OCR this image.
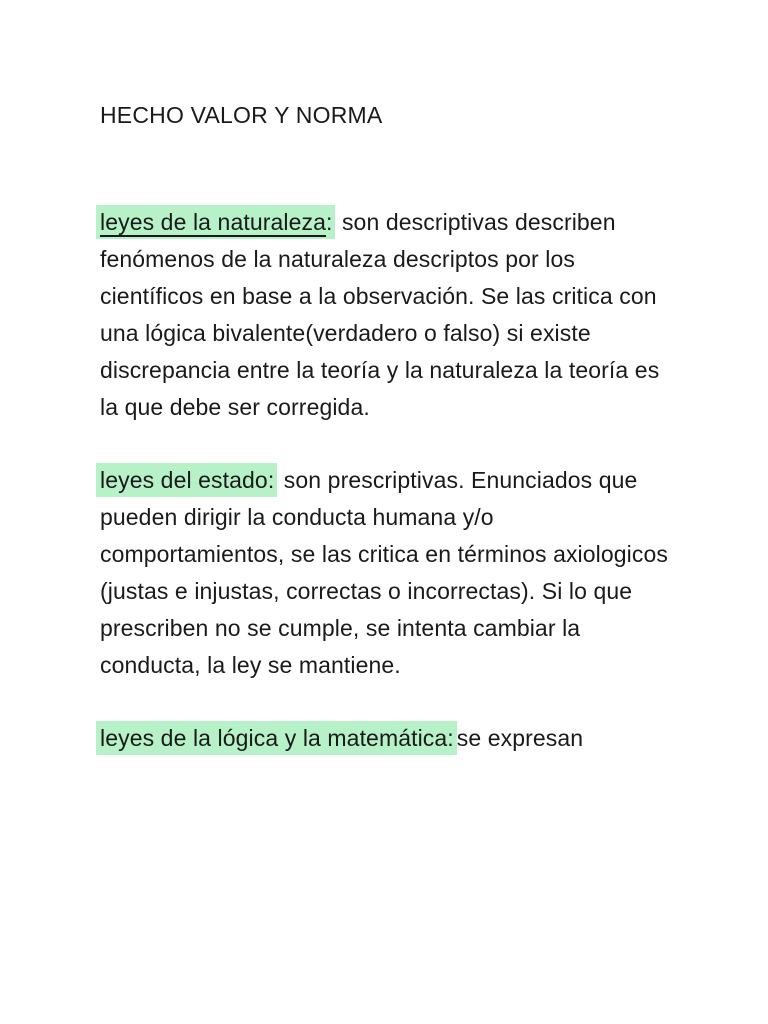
HECHO VALOR Y NORMA

leyes de la naturaleza: son descriptivas describen fenómenos de la naturaleza descriptos por los científicos en base a la observación. Se las critica con una lógica bivalente(verdadero o falso) si existe discrepancia entre la teoría y la naturaleza la teoría es la que debe ser corregida.

leyes del estado: son prescriptivas. Enunciados que pueden dirigir la conducta humana y/o comportamientos, se las critica en términos axiologicos (justas e injustas, correctas o incorrectas). Si lo que prescriben no se cumple, se intenta cambiar la conducta, la ley se mantiene.

leyes de la lógica y la matemática: se expresan
